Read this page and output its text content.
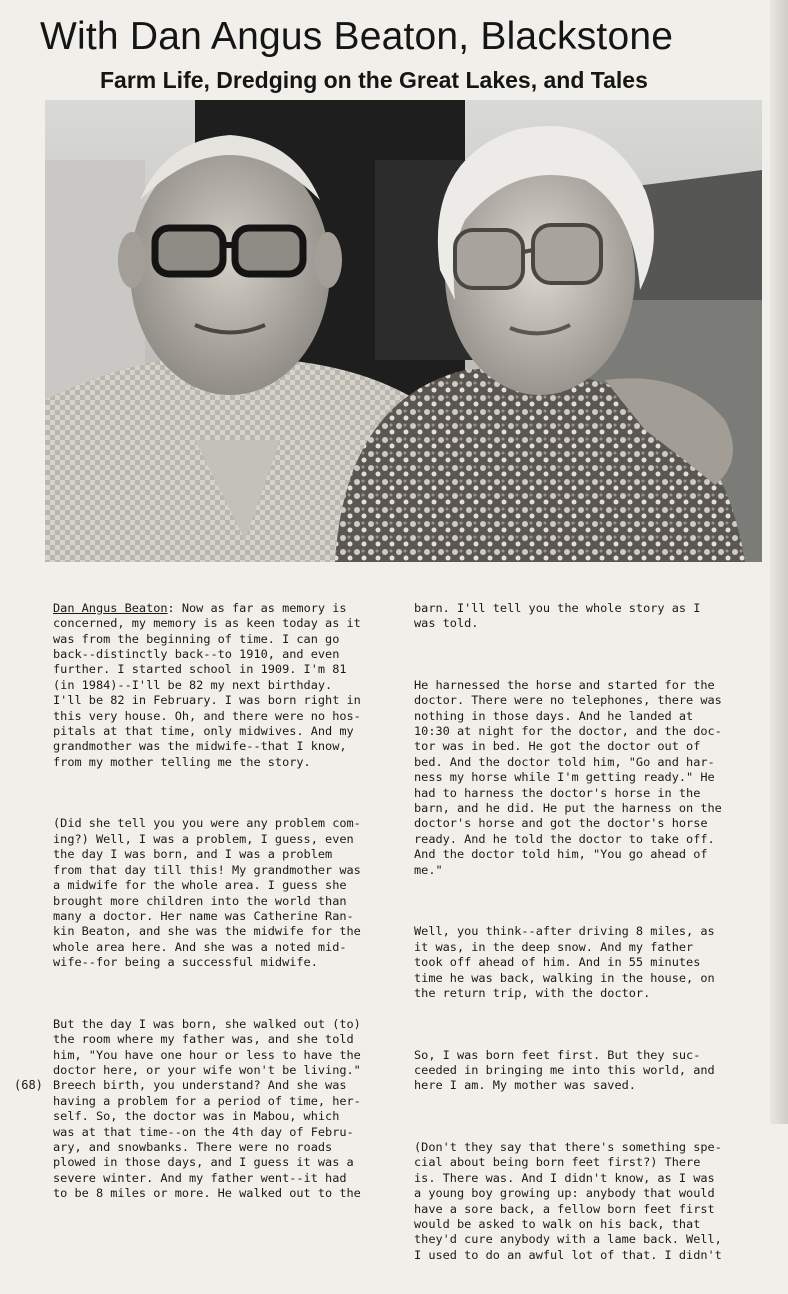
With Dan Angus Beaton, Blackstone
Farm Life, Dredging on the Great Lakes, and Tales

Dan Angus Beaton: Now as far as memory is
concerned, my memory is as keen today as it
was from the beginning of time. I can go
back--distinctly back--to 1910, and even
further. I started school in 1909. I'm 81
(in 1984)--I'll be 82 my next birthday.
I'll be 82 in February. I was born right in
this very house. Oh, and there were no hos-
pitals at that time, only midwives. And my
grandmother was the midwife--that I know,
from my mother telling me the story.

(Did she tell you you were any problem com-
ing?) Well, I was a problem, I guess, even
the day I was born, and I was a problem
from that day till this! My grandmother was
a midwife for the whole area. I guess she
brought more children into the world than
many a doctor. Her name was Catherine Ran-
kin Beaton, and she was the midwife for the
whole area here. And she was a noted mid-
wife--for being a successful midwife.

But the day I was born, she walked out (to)
the room where my father was, and she told
him, "You have one hour or less to have the
doctor here, or your wife won't be living."
Breech birth, you understand? And she was
having a problem for a period of time, her-
self. So, the doctor was in Mabou, which
was at that time--on the 4th day of Febru-
ary, and snowbanks. There were no roads
plowed in those days, and I guess it was a
severe winter. And my father went--it had
to be 8 miles or more. He walked out to the

barn. I'll tell you the whole story as I
was told.

He harnessed the horse and started for the
doctor. There were no telephones, there was
nothing in those days. And he landed at
10:30 at night for the doctor, and the doc-
tor was in bed. He got the doctor out of
bed. And the doctor told him, "Go and har-
ness my horse while I'm getting ready." He
had to harness the doctor's horse in the
barn, and he did. He put the harness on the
doctor's horse and got the doctor's horse
ready. And he told the doctor to take off.
And the doctor told him, "You go ahead of
me."

Well, you think--after driving 8 miles, as
it was, in the deep snow. And my father
took off ahead of him. And in 55 minutes
time he was back, walking in the house, on
the return trip, with the doctor.

So, I was born feet first. But they suc-
ceeded in bringing me into this world, and
here I am. My mother was saved.

(Don't they say that there's something spe-
cial about being born feet first?) There
is. There was. And I didn't know, as I was
a young boy growing up: anybody that would
have a sore back, a fellow born feet first
would be asked to walk on his back, that
they'd cure anybody with a lame back. Well,
I used to do an awful lot of that. I didn't

(68)
